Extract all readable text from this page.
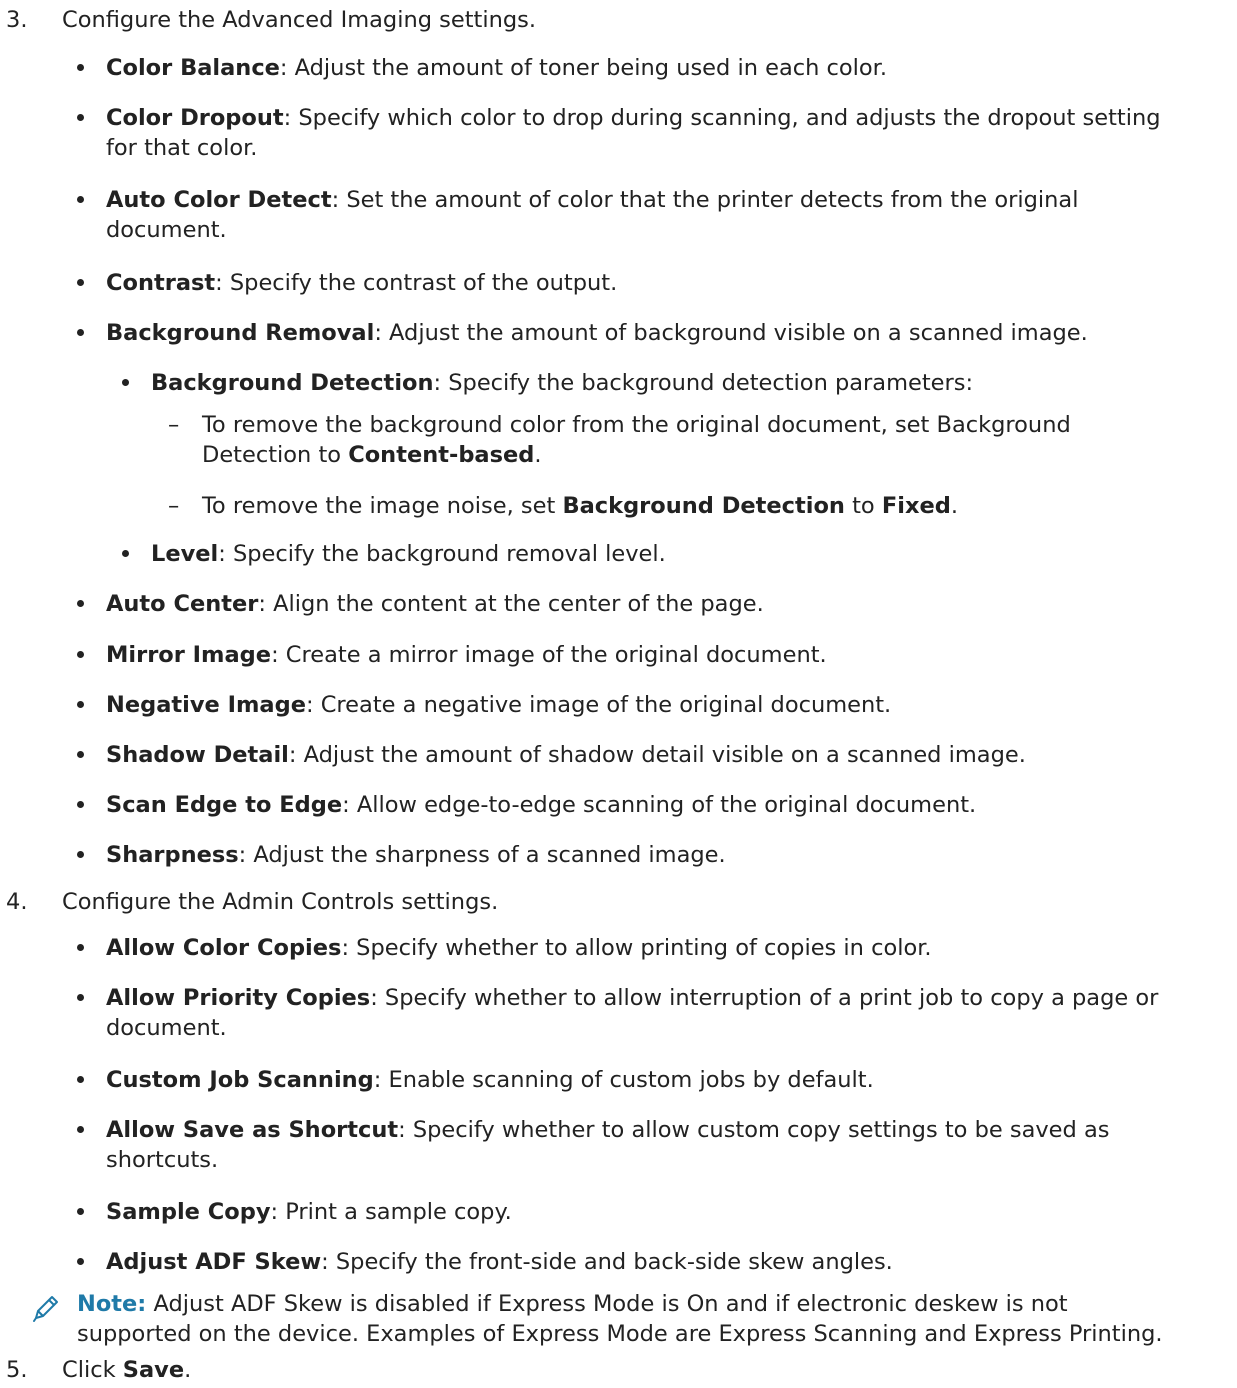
3. Configure the Advanced Imaging settings.
Color Balance: Adjust the amount of toner being used in each color.
Color Dropout: Specify which color to drop during scanning, and adjusts the dropout setting
for that color.
Auto Color Detect: Set the amount of color that the printer detects from the original
document.
Contrast: Specify the contrast of the output.
Background Removal: Adjust the amount of background visible on a scanned image.
Background Detection: Specify the background detection parameters:
– To remove the background color from the original document, set Background
Detection to Content-based.
– To remove the image noise, set Background Detection to Fixed.
Level: Specify the background removal level.
Auto Center: Align the content at the center of the page.
Mirror Image: Create a mirror image of the original document.
Negative Image: Create a negative image of the original document.
Shadow Detail: Adjust the amount of shadow detail visible on a scanned image.
Scan Edge to Edge: Allow edge-to-edge scanning of the original document.
Sharpness: Adjust the sharpness of a scanned image.
4. Configure the Admin Controls settings.
Allow Color Copies: Specify whether to allow printing of copies in color.
Allow Priority Copies: Specify whether to allow interruption of a print job to copy a page or
document.
Custom Job Scanning: Enable scanning of custom jobs by default.
Allow Save as Shortcut: Specify whether to allow custom copy settings to be saved as
shortcuts.
Sample Copy: Print a sample copy.
Adjust ADF Skew: Specify the front-side and back-side skew angles.
Note: Adjust ADF Skew is disabled if Express Mode is On and if electronic deskew is not
supported on the device. Examples of Express Mode are Express Scanning and Express Printing.
5. Click Save.
